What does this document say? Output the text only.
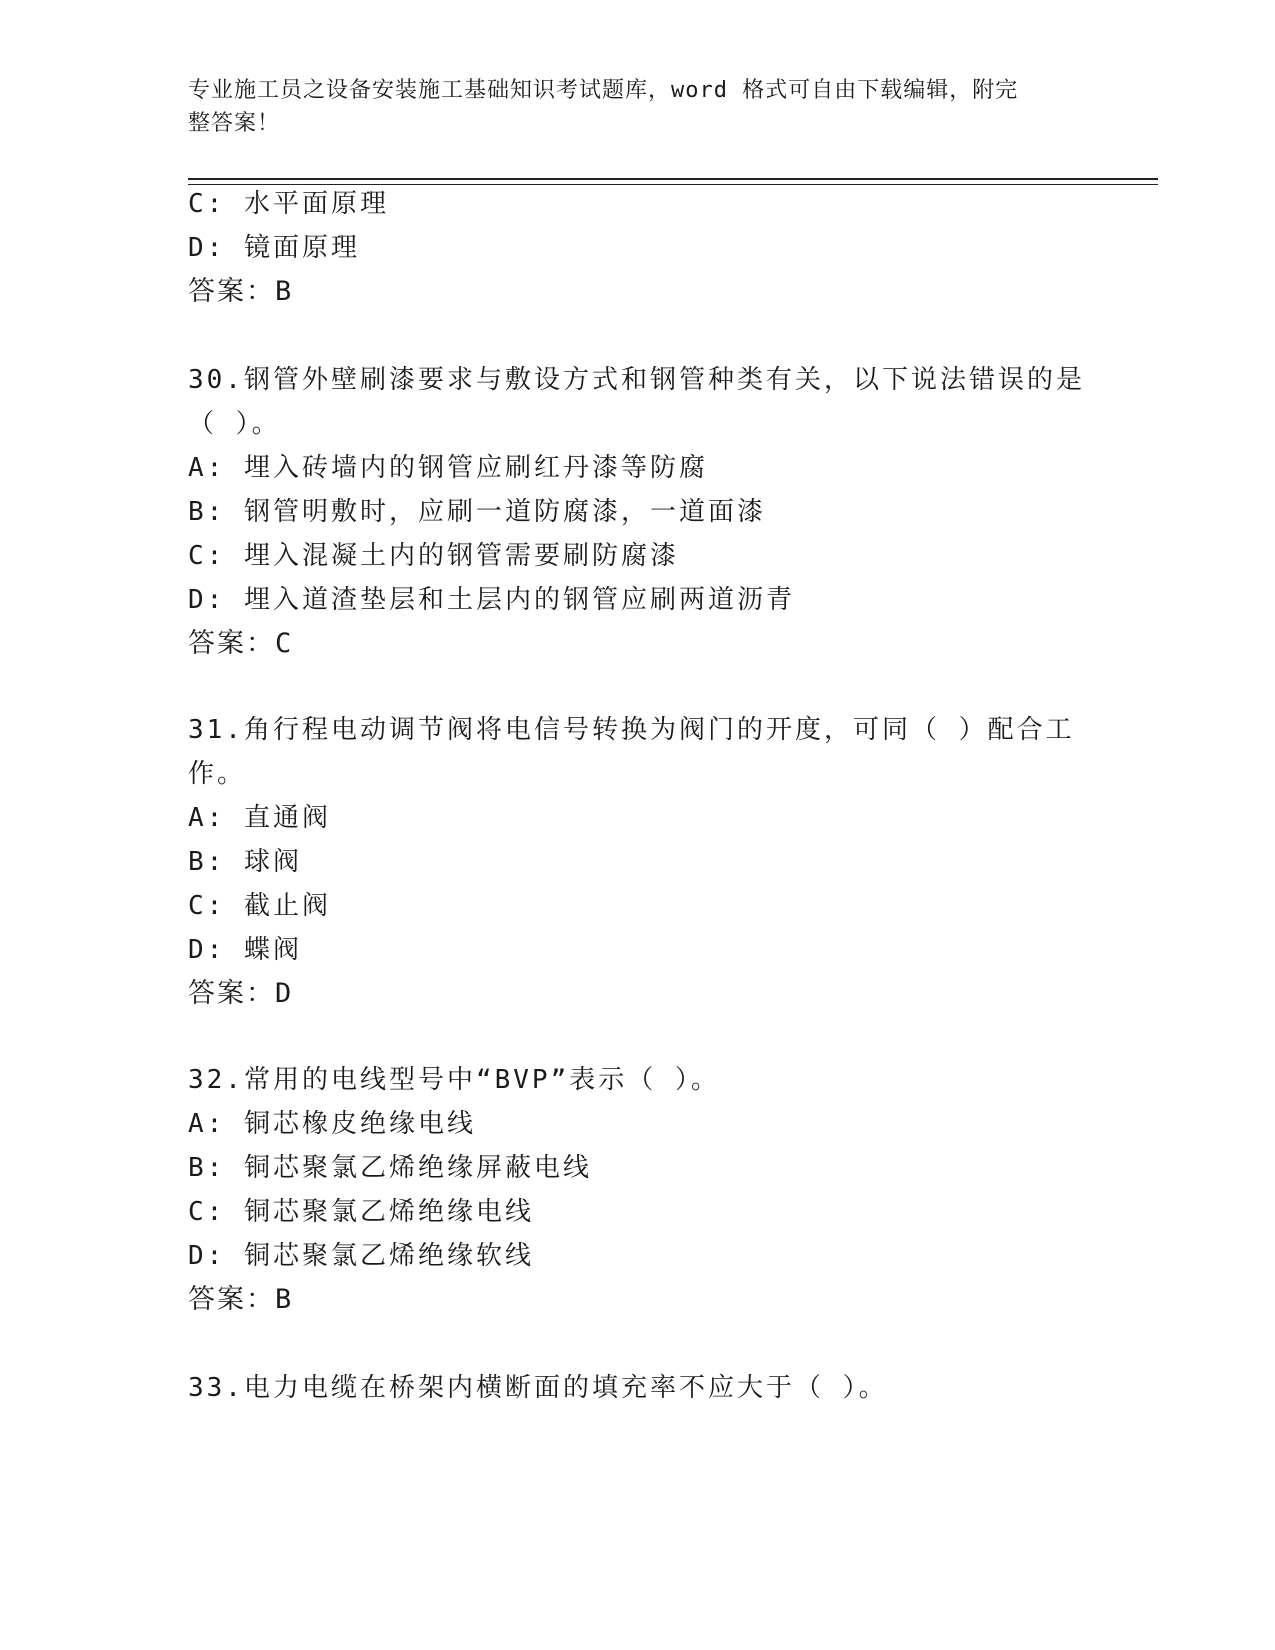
专业施工员之设备安装施工基础知识考试题库，word 格式可自由下载编辑，附完
整答案！
C: 水平面原理
D: 镜面原理
答案：B
30.钢管外壁刷漆要求与敷设方式和钢管种类有关，以下说法错误的是
（ ）。
A: 埋入砖墙内的钢管应刷红丹漆等防腐
B: 钢管明敷时，应刷一道防腐漆，一道面漆
C: 埋入混凝土内的钢管需要刷防腐漆
D: 埋入道渣垫层和土层内的钢管应刷两道沥青
答案：C
31.角行程电动调节阀将电信号转换为阀门的开度，可同（ ）配合工
作。
A: 直通阀
B: 球阀
C: 截止阀
D: 蝶阀
答案：D
32.常用的电线型号中“BVP”表示（ ）。
A: 铜芯橡皮绝缘电线
B: 铜芯聚氯乙烯绝缘屏蔽电线
C: 铜芯聚氯乙烯绝缘电线
D: 铜芯聚氯乙烯绝缘软线
答案：B
33.电力电缆在桥架内横断面的填充率不应大于（ ）。
